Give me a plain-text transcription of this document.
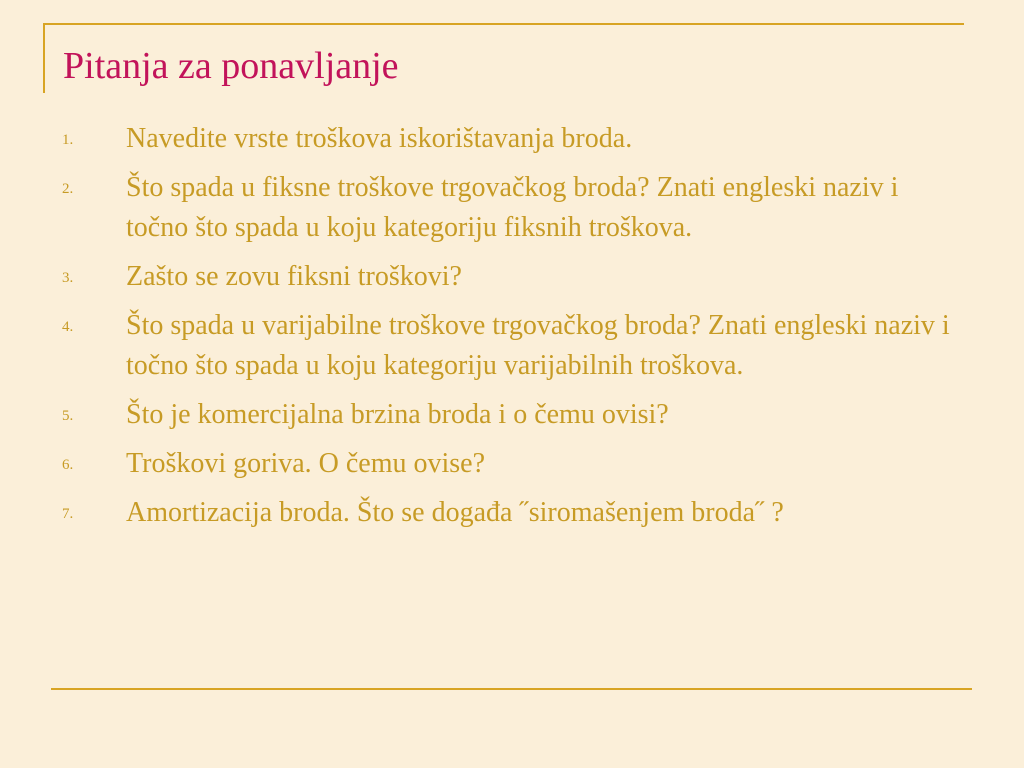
Pitanja za ponavljanje
1.	Navedite vrste troškova iskorištavanja broda.
2.	Što spada u fiksne troškove trgovačkog broda? Znati engleski naziv i točno što spada u koju kategoriju fiksnih troškova.
3.	Zašto se zovu fiksni troškovi?
4.	Što spada u varijabilne troškove trgovačkog broda? Znati engleski naziv i točno što spada u koju kategoriju varijabilnih troškova.
5.	Što je komercijalna brzina broda i o čemu ovisi?
6.	Troškovi goriva. O čemu ovise?
7.	Amortizacija broda. Što se događa ˝siromašenjem broda˝ ?
